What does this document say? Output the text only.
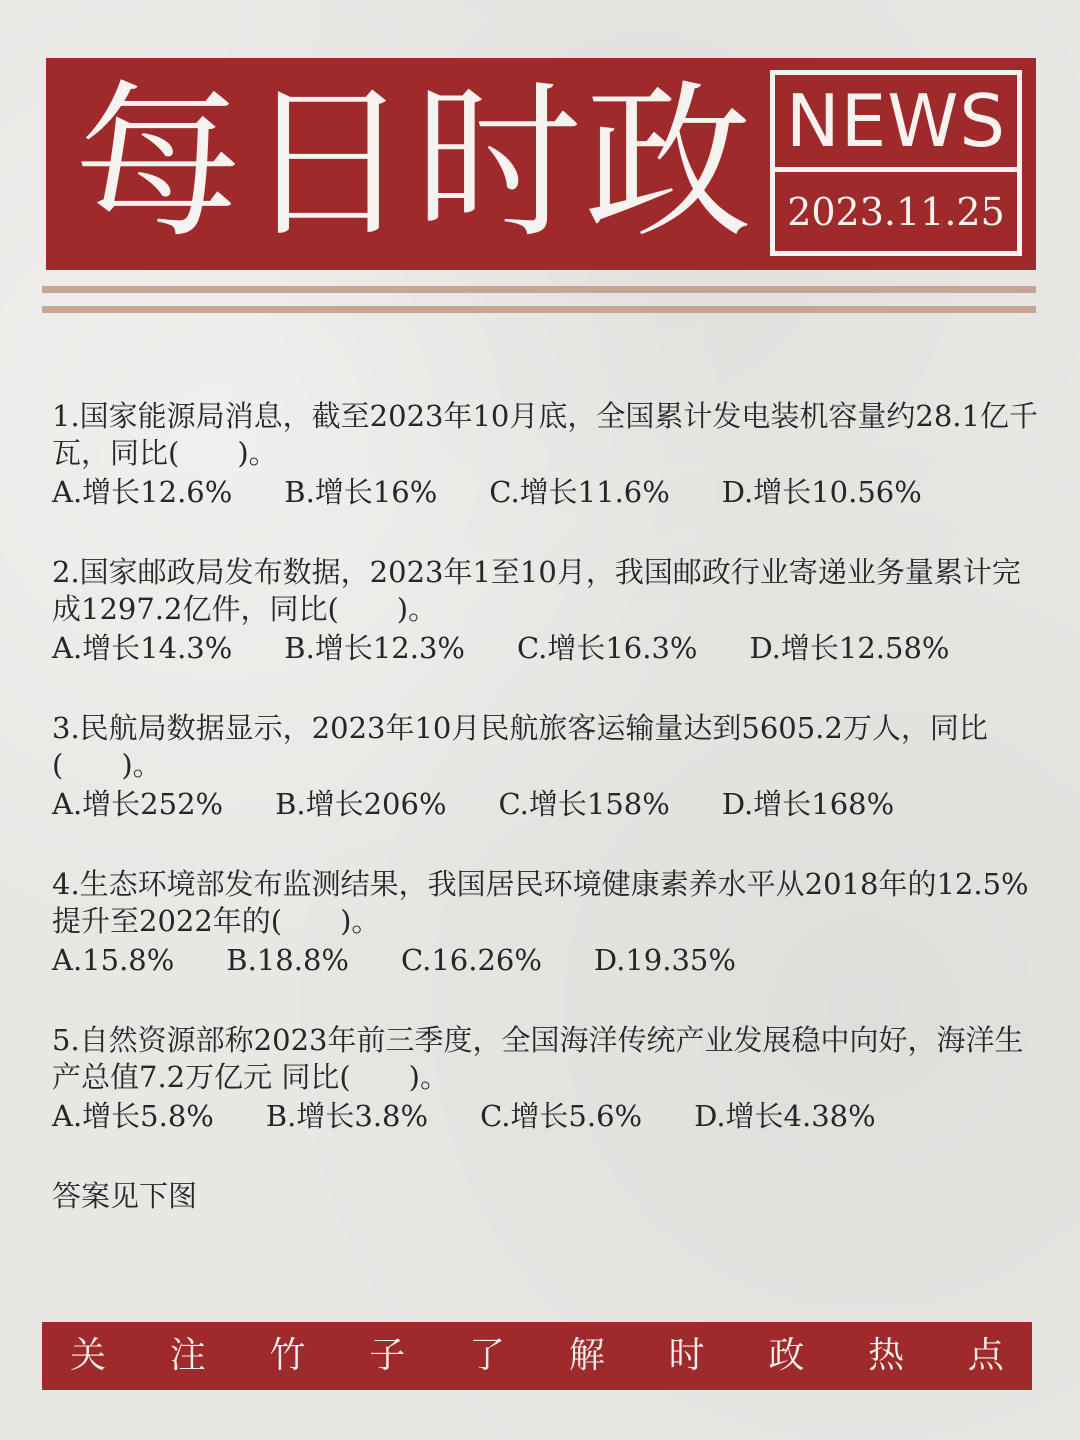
每日时政 NEWS
2023.11.25

1.国家能源局消息，截至2023年10月底，全国累计发电装机容量约28.1亿千瓦，同比(　　)。

A.增长12.6% B.增长16% C.增长11.6% D.增长10.56%

2.国家邮政局发布数据，2023年1至10月，我国邮政行业寄递业务量累计完成1297.2亿件，同比(　　)。

A.增长14.3% B.增长12.3% C.增长16.3% D.增长12.58%

3.民航局数据显示，2023年10月民航旅客运输量达到5605.2万人，同比(　　)。

A.增长252% B.增长206% C.增长158% D.增长168%

4.生态环境部发布监测结果，我国居民环境健康素养水平从2018年的12.5%提升至2022年的(　　)。

A.15.8% B.18.8% C.16.26% D.19.35%

5.自然资源部称2023年前三季度，全国海洋传统产业发展稳中向好，海洋生产总值7.2万亿元 同比(　　)。

A.增长5.8% B.增长3.8% C.增长5.6% D.增长4.38%
答案见下图
关 注 竹 子 了 解 时 政 热 点
